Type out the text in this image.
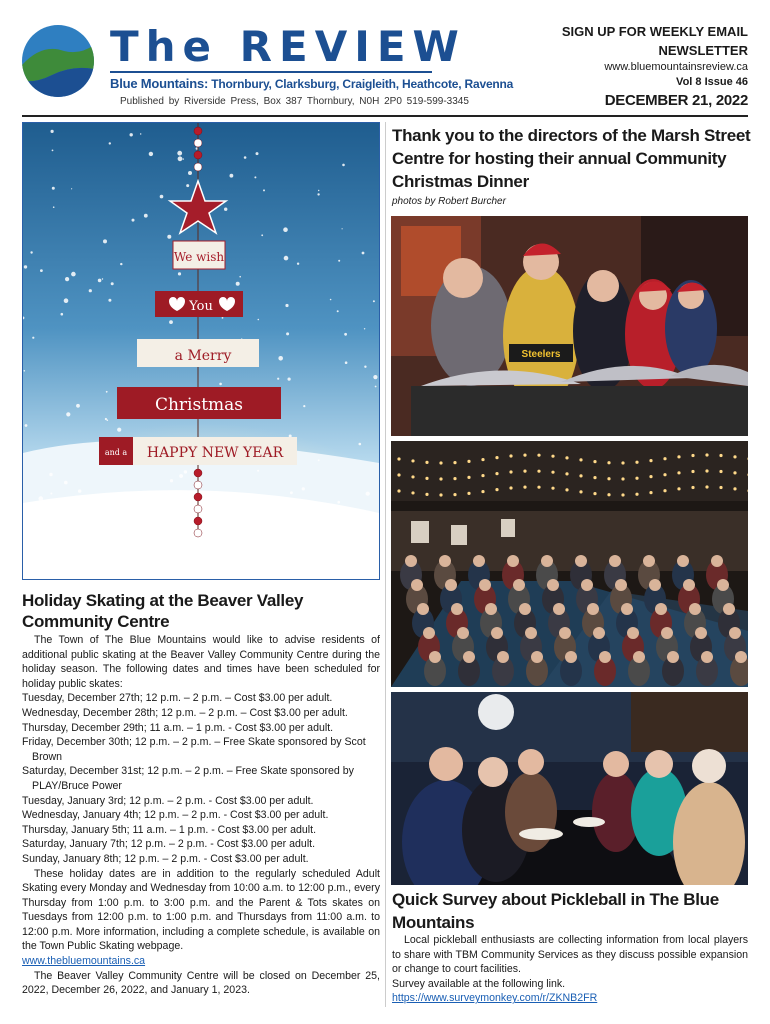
The REVIEW
Blue Mountains: Thornbury, Clarksburg, Craigleith, Heathcote, Ravenna
Published by Riverside Press, Box 387 Thornbury, N0H 2P0 519-599-3345
SIGN UP FOR WEEKLY EMAIL NEWSLETTER
www.bluemountainsreview.ca
Vol 8 Issue 46
DECEMBER 21, 2022
We wish
You
a Merry
Christmas
and a HAPPY NEW YEAR
Holiday Skating at the Beaver Valley Community Centre

The Town of The Blue Mountains would like to advise residents of additional public skating at the Beaver Valley Community Centre during the holiday season. The following dates and times have been scheduled for holiday public skates:

Tuesday, December 27th; 12 p.m. – 2 p.m. – Cost $3.00 per adult.

Wednesday, December 28th; 12 p.m. – 2 p.m. – Cost $3.00 per adult.

Thursday, December 29th; 11 a.m. – 1 p.m. - Cost $3.00 per adult.

Friday, December 30th; 12 p.m. – 2 p.m. – Free Skate sponsored by Scot Brown

Saturday, December 31st; 12 p.m. – 2 p.m. – Free Skate sponsored by PLAY/Bruce Power

Tuesday, January 3rd; 12 p.m. – 2 p.m. - Cost $3.00 per adult.

Wednesday, January 4th; 12 p.m. – 2 p.m. - Cost $3.00 per adult.

Thursday, January 5th; 11 a.m. – 1 p.m. - Cost $3.00 per adult.

Saturday, January 7th; 12 p.m. – 2 p.m. - Cost $3.00 per adult.

Sunday, January 8th; 12 p.m. – 2 p.m. - Cost $3.00 per adult.

These holiday dates are in addition to the regularly scheduled Adult Skating every Monday and Wednesday from 10:00 a.m. to 12:00 p.m., every Thursday from 1:00 p.m. to 3:00 p.m. and the Parent & Tots skates on Tuesdays from 12:00 p.m. to 1:00 p.m. and Thursdays from 11:00 a.m. to 12:00 p.m. More information, including a complete schedule, is available on the Town Public Skating webpage.

www.thebluemountains.ca

The Beaver Valley Community Centre will be closed on December 25, 2022, December 26, 2022, and January 1, 2023.

Thank you to the directors of the Marsh Street Centre for hosting their annual Community Christmas Dinner
photos by Robert Burcher
Steelers
Quick Survey about Pickleball in The Blue Mountains

Local pickleball enthusiasts are collecting information from local players to share with TBM Community Services as they discuss possible expansion or change to court facilities.

Survey available at the following link.

https://www.surveymonkey.com/r/ZKNB2FR
